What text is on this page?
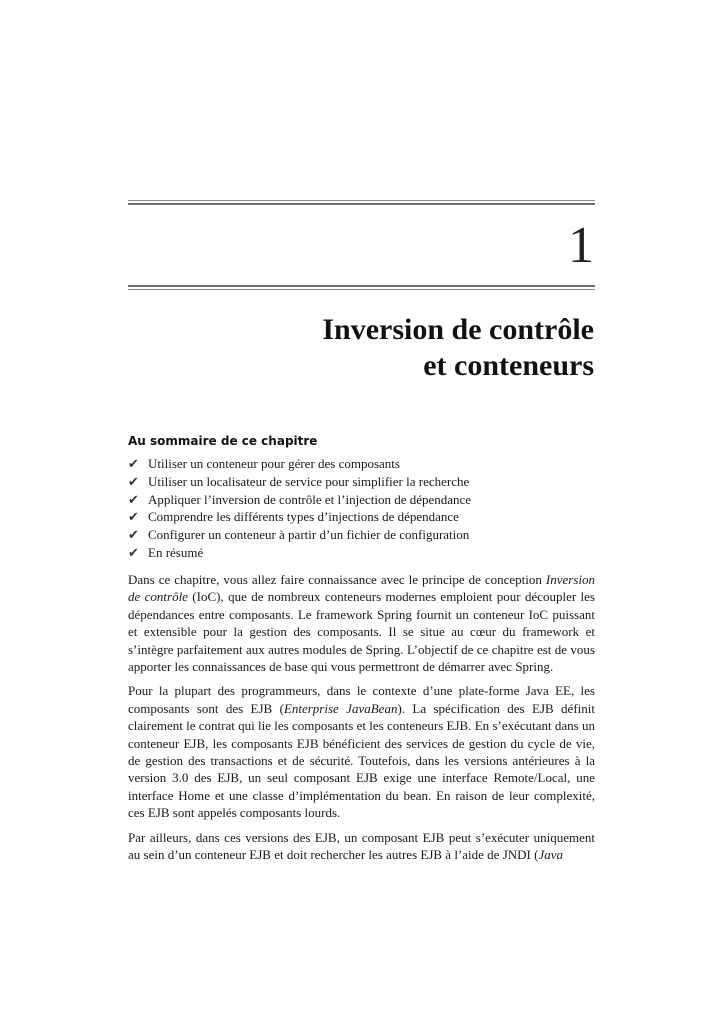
1
Inversion de contrôle
et conteneurs
Au sommaire de ce chapitre
✔ Utiliser un conteneur pour gérer des composants
✔ Utiliser un localisateur de service pour simplifier la recherche
✔ Appliquer l’inversion de contrôle et l’injection de dépendance
✔ Comprendre les différents types d’injections de dépendance
✔ Configurer un conteneur à partir d’un fichier de configuration
✔ En résumé

Dans ce chapitre, vous allez faire connaissance avec le principe de conception Inversion de contrôle (IoC), que de nombreux conteneurs modernes emploient pour découpler les dépendances entre composants. Le framework Spring fournit un conteneur IoC puissant et extensible pour la gestion des composants. Il se situe au cœur du framework et s’intègre parfaitement aux autres modules de Spring. L’objectif de ce chapitre est de vous apporter les connaissances de base qui vous permettront de démarrer avec Spring.

Pour la plupart des programmeurs, dans le contexte d’une plate-forme Java EE, les composants sont des EJB (Enterprise JavaBean). La spécification des EJB définit clairement le contrat qui lie les composants et les conteneurs EJB. En s’exécutant dans un conteneur EJB, les composants EJB bénéficient des services de gestion du cycle de vie, de gestion des transactions et de sécurité. Toutefois, dans les versions antérieures à la version 3.0 des EJB, un seul composant EJB exige une interface Remote/Local, une interface Home et une classe d’implémentation du bean. En raison de leur complexité, ces EJB sont appelés composants lourds.

Par ailleurs, dans ces versions des EJB, un composant EJB peut s’exécuter uniquement au sein d’un conteneur EJB et doit rechercher les autres EJB à l’aide de JNDI (Java
